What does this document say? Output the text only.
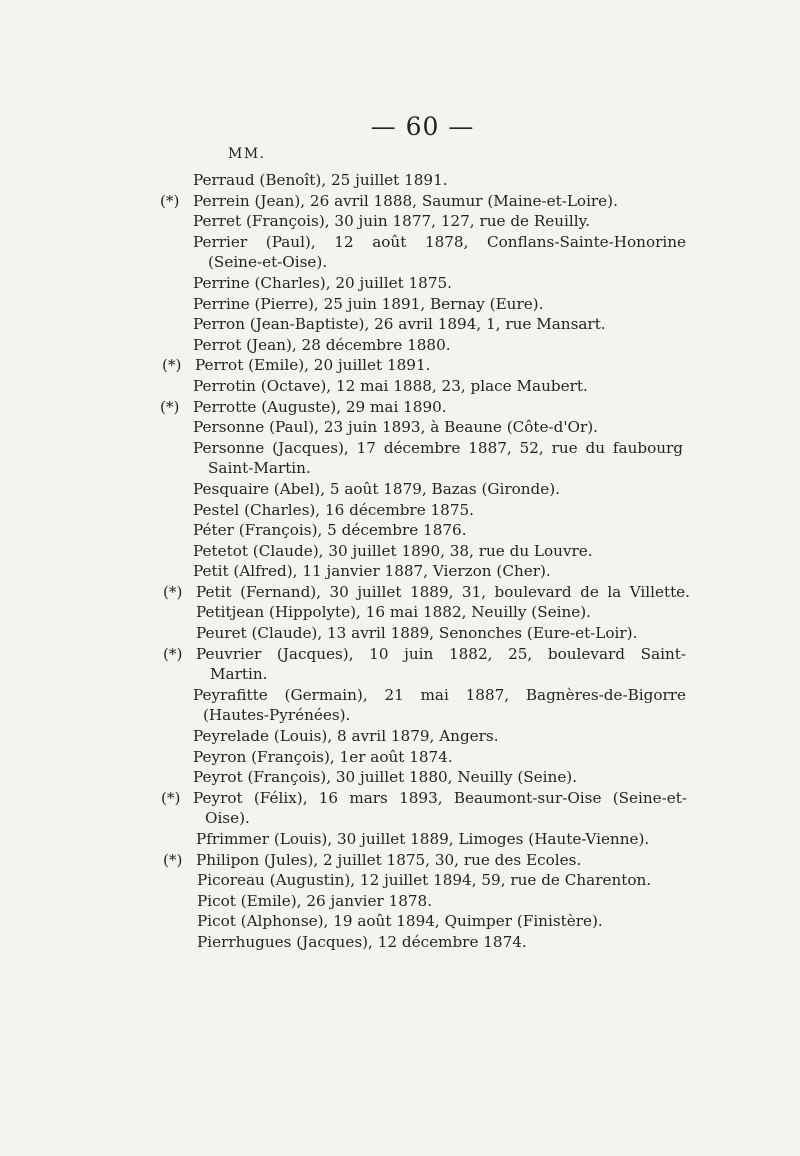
— 60 —
MM.
Perraud (Benoît), 25 juillet 1891.
(*) Perrein (Jean), 26 avril 1888, Saumur (Maine-et-Loire).
Perret (François), 30 juin 1877, 127, rue de Reuilly.
Perrier (Paul), 12 août 1878, Conflans-Sainte-Honorine
(Seine-et-Oise).
Perrine (Charles), 20 juillet 1875.
Perrine (Pierre), 25 juin 1891, Bernay (Eure).
Perron (Jean-Baptiste), 26 avril 1894, 1, rue Mansart.
Perrot (Jean), 28 décembre 1880.
(*) Perrot (Emile), 20 juillet 1891.
Perrotin (Octave), 12 mai 1888, 23, place Maubert.
(*) Perrotte (Auguste), 29 mai 1890.
Personne (Paul), 23 juin 1893, à Beaune (Côte-d'Or).
Personne (Jacques), 17 décembre 1887, 52, rue du faubourg
Saint-Martin.
Pesquaire (Abel), 5 août 1879, Bazas (Gironde).
Pestel (Charles), 16 décembre 1875.
Péter (François), 5 décembre 1876.
Petetot (Claude), 30 juillet 1890, 38, rue du Louvre.
Petit (Alfred), 11 janvier 1887, Vierzon (Cher).
(*) Petit (Fernand), 30 juillet 1889, 31, boulevard de la Villette.
Petitjean (Hippolyte), 16 mai 1882, Neuilly (Seine).
Peuret (Claude), 13 avril 1889, Senonches (Eure-et-Loir).
(*) Peuvrier (Jacques), 10 juin 1882, 25, boulevard Saint-
Martin.
Peyrafitte (Germain), 21 mai 1887, Bagnères-de-Bigorre
(Hautes-Pyrénées).
Peyrelade (Louis), 8 avril 1879, Angers.
Peyron (François), 1er août 1874.
Peyrot (François), 30 juillet 1880, Neuilly (Seine).
(*) Peyrot (Félix), 16 mars 1893, Beaumont-sur-Oise (Seine-et-
Oise).
Pfrimmer (Louis), 30 juillet 1889, Limoges (Haute-Vienne).
(*) Philipon (Jules), 2 juillet 1875, 30, rue des Ecoles.
Picoreau (Augustin), 12 juillet 1894, 59, rue de Charenton.
Picot (Emile), 26 janvier 1878.
Picot (Alphonse), 19 août 1894, Quimper (Finistère).
Pierrhugues (Jacques), 12 décembre 1874.
